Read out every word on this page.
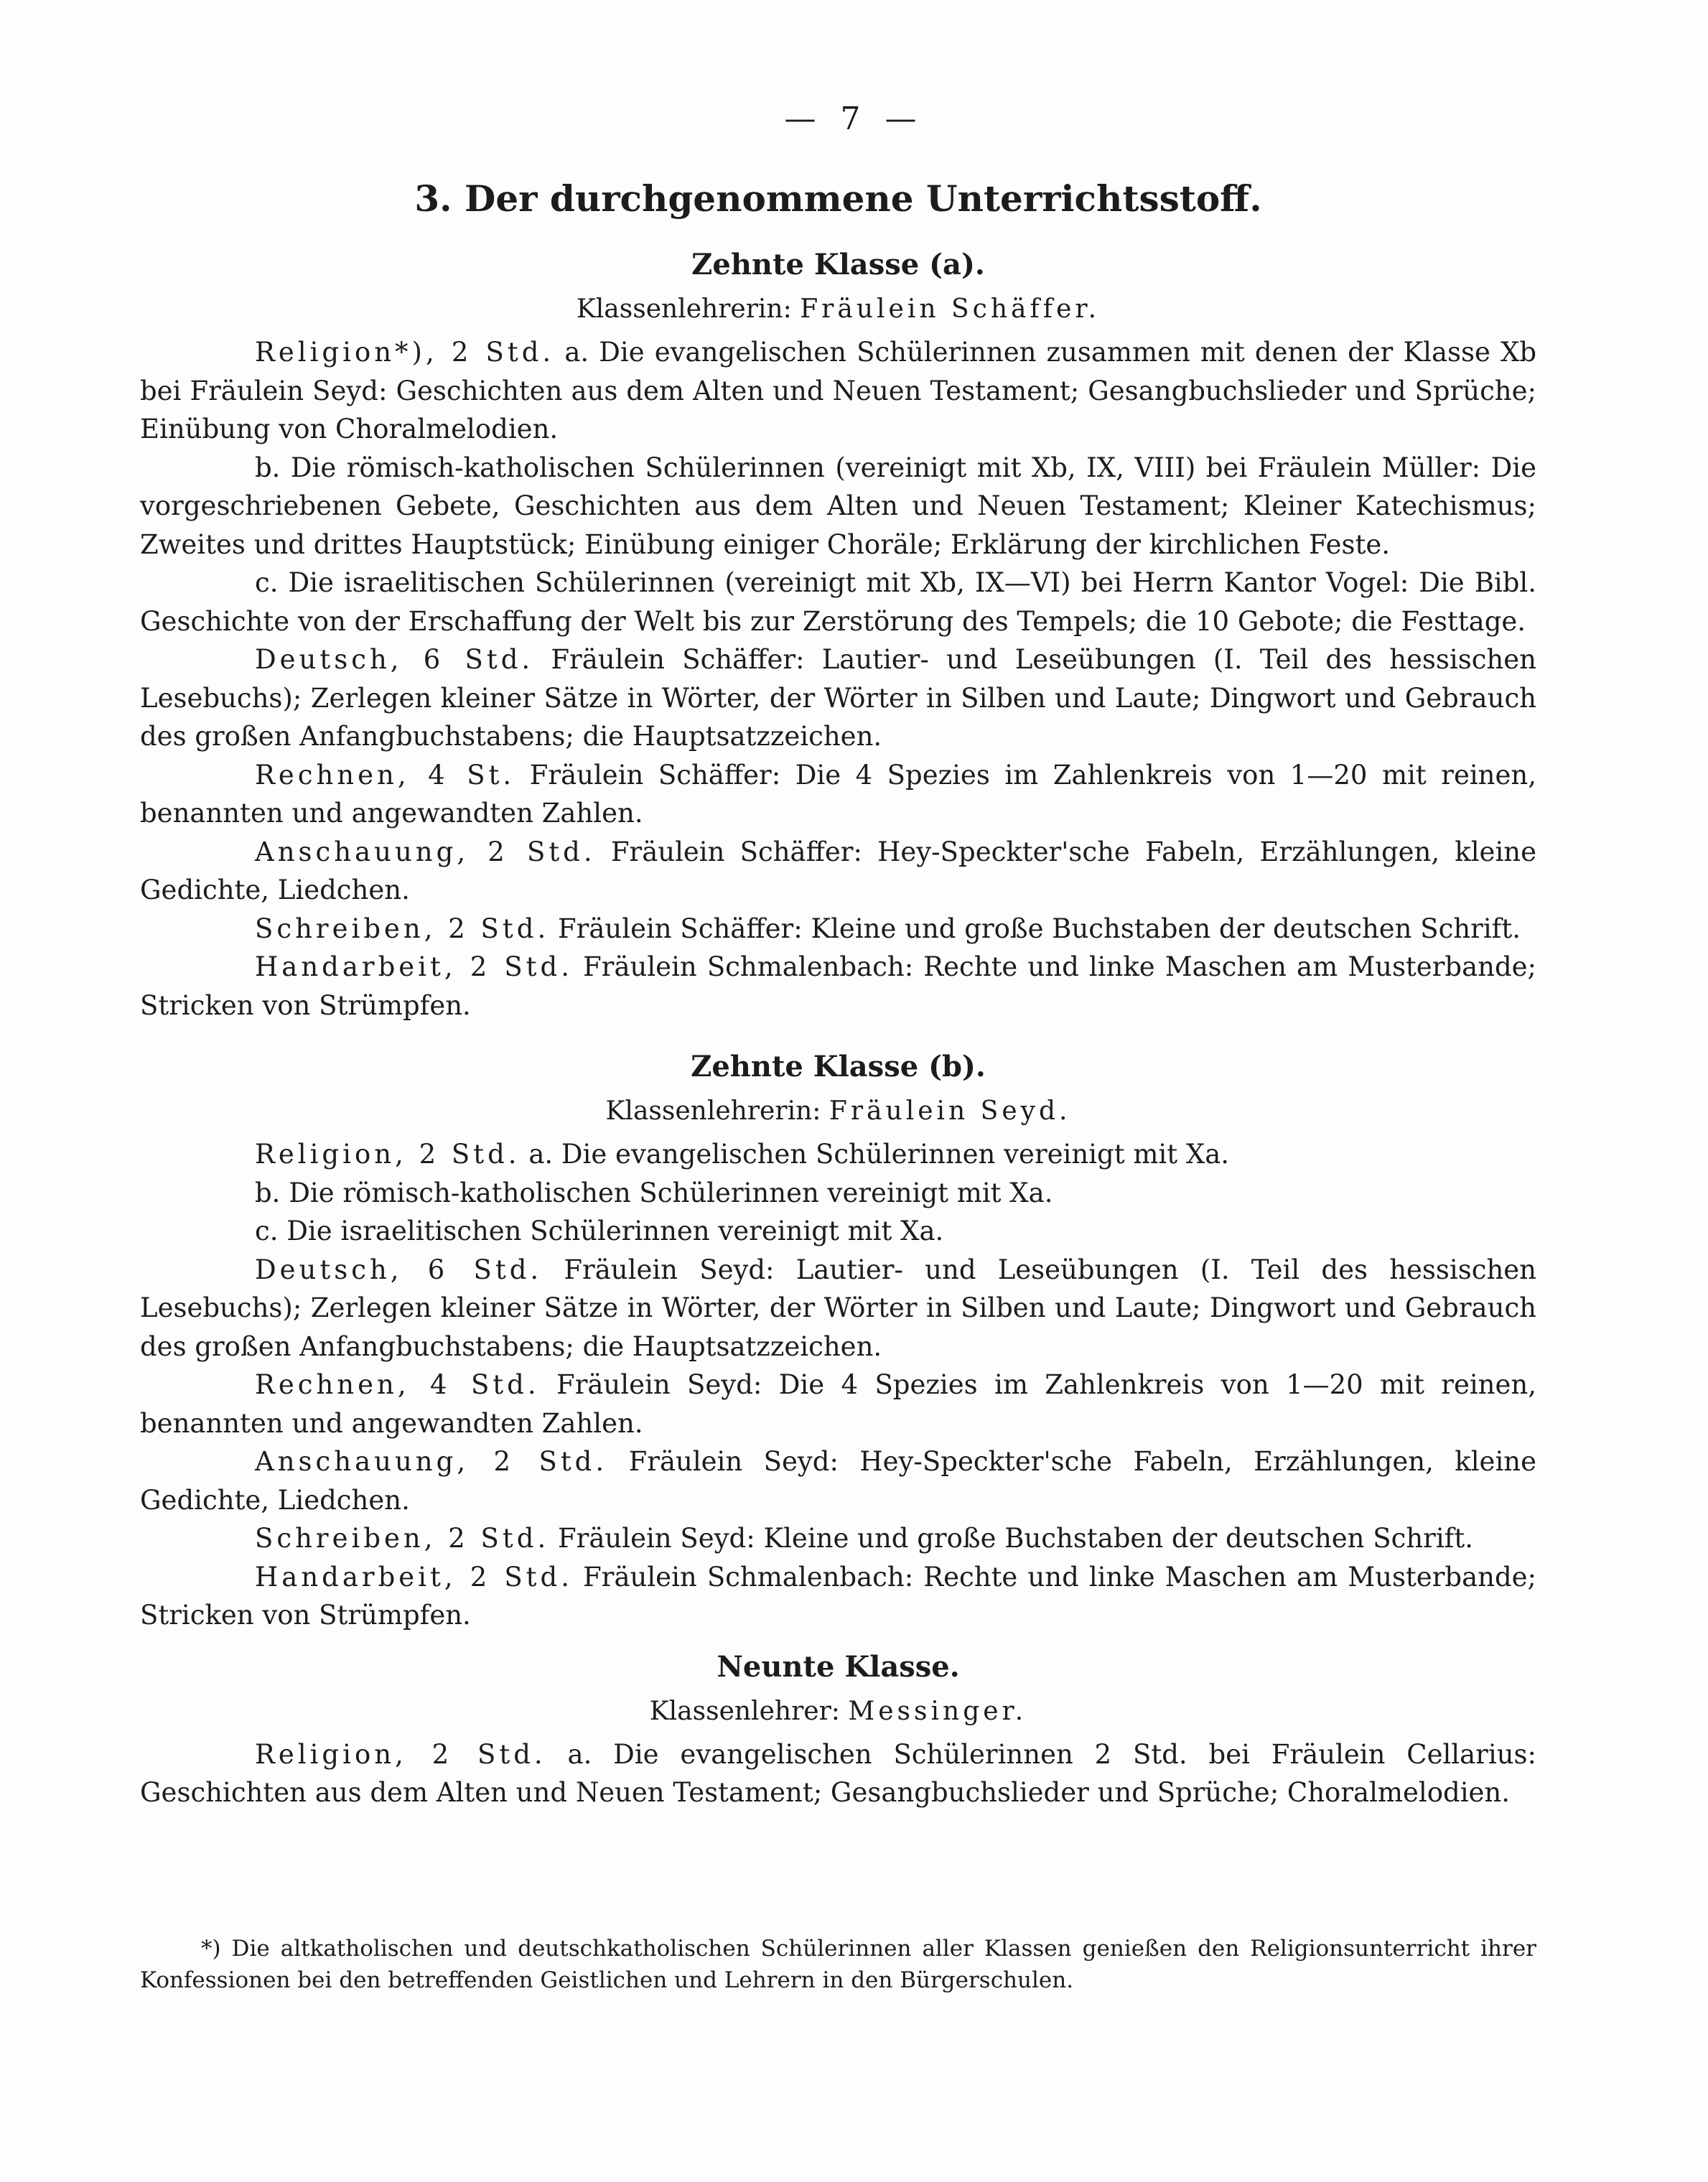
— 7 —
3. Der durchgenommene Unterrichtsstoff.
Zehnte Klasse (a).
Klassenlehrerin: Fräulein Schäffer.

Religion*), 2 Std. a. Die evangelischen Schülerinnen zusammen mit denen der Klasse Xb bei Fräulein Seyd: Geschichten aus dem Alten und Neuen Testament; Gesangbuchslieder und Sprüche; Einübung von Choralmelodien.

b. Die römisch-katholischen Schülerinnen (vereinigt mit Xb, IX, VIII) bei Fräulein Müller: Die vorgeschriebenen Gebete, Geschichten aus dem Alten und Neuen Testament; Kleiner Katechismus; Zweites und drittes Hauptstück; Einübung einiger Choräle; Erklärung der kirchlichen Feste.

c. Die israelitischen Schülerinnen (vereinigt mit Xb, IX—VI) bei Herrn Kantor Vogel: Die Bibl. Geschichte von der Erschaffung der Welt bis zur Zerstörung des Tempels; die 10 Gebote; die Festtage.

Deutsch, 6 Std. Fräulein Schäffer: Lautier- und Leseübungen (I. Teil des hessischen Lesebuchs); Zerlegen kleiner Sätze in Wörter, der Wörter in Silben und Laute; Dingwort und Gebrauch des großen Anfangbuchstabens; die Hauptsatzzeichen.

Rechnen, 4 St. Fräulein Schäffer: Die 4 Spezies im Zahlenkreis von 1—20 mit reinen, benannten und angewandten Zahlen.

Anschauung, 2 Std. Fräulein Schäffer: Hey-Speckter'sche Fabeln, Erzählungen, kleine Gedichte, Liedchen.

Schreiben, 2 Std. Fräulein Schäffer: Kleine und große Buchstaben der deutschen Schrift.

Handarbeit, 2 Std. Fräulein Schmalenbach: Rechte und linke Maschen am Musterbande; Stricken von Strümpfen.

Zehnte Klasse (b).
Klassenlehrerin: Fräulein Seyd.

Religion, 2 Std. a. Die evangelischen Schülerinnen vereinigt mit Xa.

b. Die römisch-katholischen Schülerinnen vereinigt mit Xa.

c. Die israelitischen Schülerinnen vereinigt mit Xa.

Deutsch, 6 Std. Fräulein Seyd: Lautier- und Leseübungen (I. Teil des hessischen Lesebuchs); Zerlegen kleiner Sätze in Wörter, der Wörter in Silben und Laute; Dingwort und Gebrauch des großen Anfangbuchstabens; die Hauptsatzzeichen.

Rechnen, 4 Std. Fräulein Seyd: Die 4 Spezies im Zahlenkreis von 1—20 mit reinen, benannten und angewandten Zahlen.

Anschauung, 2 Std. Fräulein Seyd: Hey-Speckter'sche Fabeln, Erzählungen, kleine Gedichte, Liedchen.

Schreiben, 2 Std. Fräulein Seyd: Kleine und große Buchstaben der deutschen Schrift.

Handarbeit, 2 Std. Fräulein Schmalenbach: Rechte und linke Maschen am Musterbande; Stricken von Strümpfen.

Neunte Klasse.
Klassenlehrer: Messinger.

Religion, 2 Std. a. Die evangelischen Schülerinnen 2 Std. bei Fräulein Cellarius: Geschichten aus dem Alten und Neuen Testament; Gesangbuchslieder und Sprüche; Choralmelodien.

*) Die altkatholischen und deutschkatholischen Schülerinnen aller Klassen genießen den Religionsunterricht ihrer Konfessionen bei den betreffenden Geistlichen und Lehrern in den Bürgerschulen.
